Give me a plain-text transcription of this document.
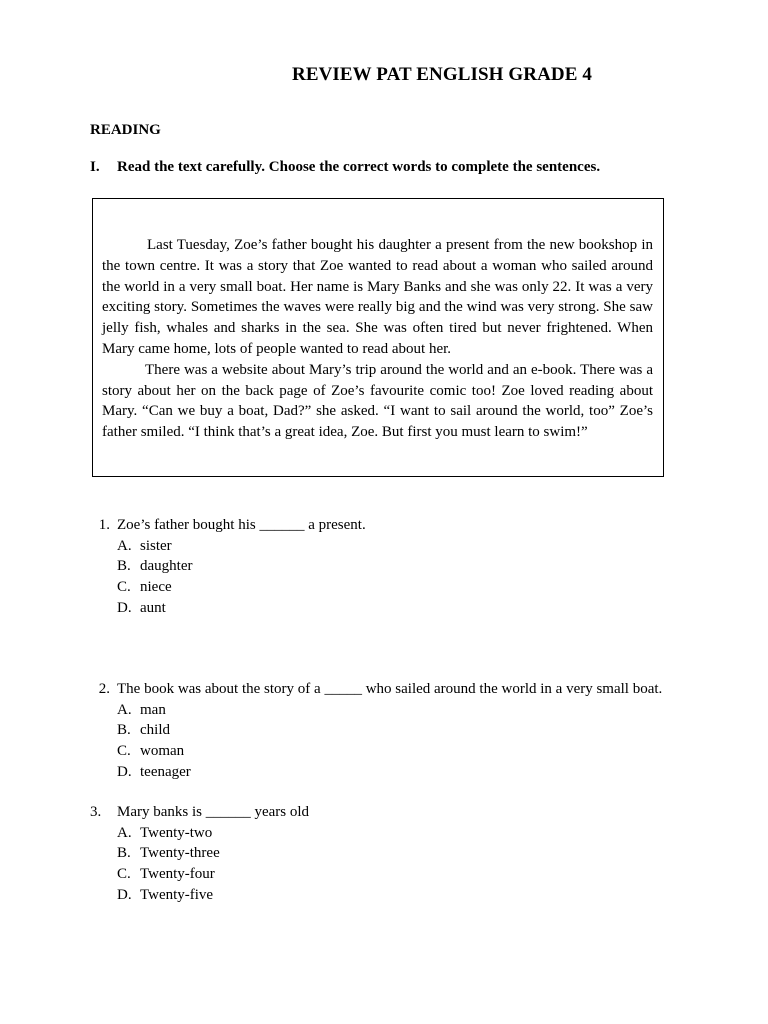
REVIEW PAT ENGLISH GRADE 4
READING
I. Read the text carefully. Choose the correct words to complete the sentences.

Last Tuesday, Zoe’s father bought his daughter a present from the new bookshop in the town centre. It was a story that Zoe wanted to read about a woman who sailed around the world in a very small boat. Her name is Mary Banks and she was only 22. It was a very exciting story. Sometimes the waves were really big and the wind was very strong. She saw jelly fish, whales and sharks in the sea. She was often tired but never frightened. When Mary came home, lots of people wanted to read about her.

There was a website about Mary’s trip around the world and an e-book. There was a story about her on the back page of Zoe’s favourite comic too! Zoe loved reading about Mary. “Can we buy a boat, Dad?” she asked. “I want to sail around the world, too” Zoe’s father smiled. “I think that’s a great idea, Zoe. But first you must learn to swim!”

1. Zoe’s father bought his ______ a present.
A. sister
B. daughter
C. niece
D. aunt
2. The book was about the story of a _____ who sailed around the world in a very small boat.
A. man
B. child
C. woman
D. teenager
3. Mary banks is ______ years old
A. Twenty-two
B. Twenty-three
C. Twenty-four
D. Twenty-five
